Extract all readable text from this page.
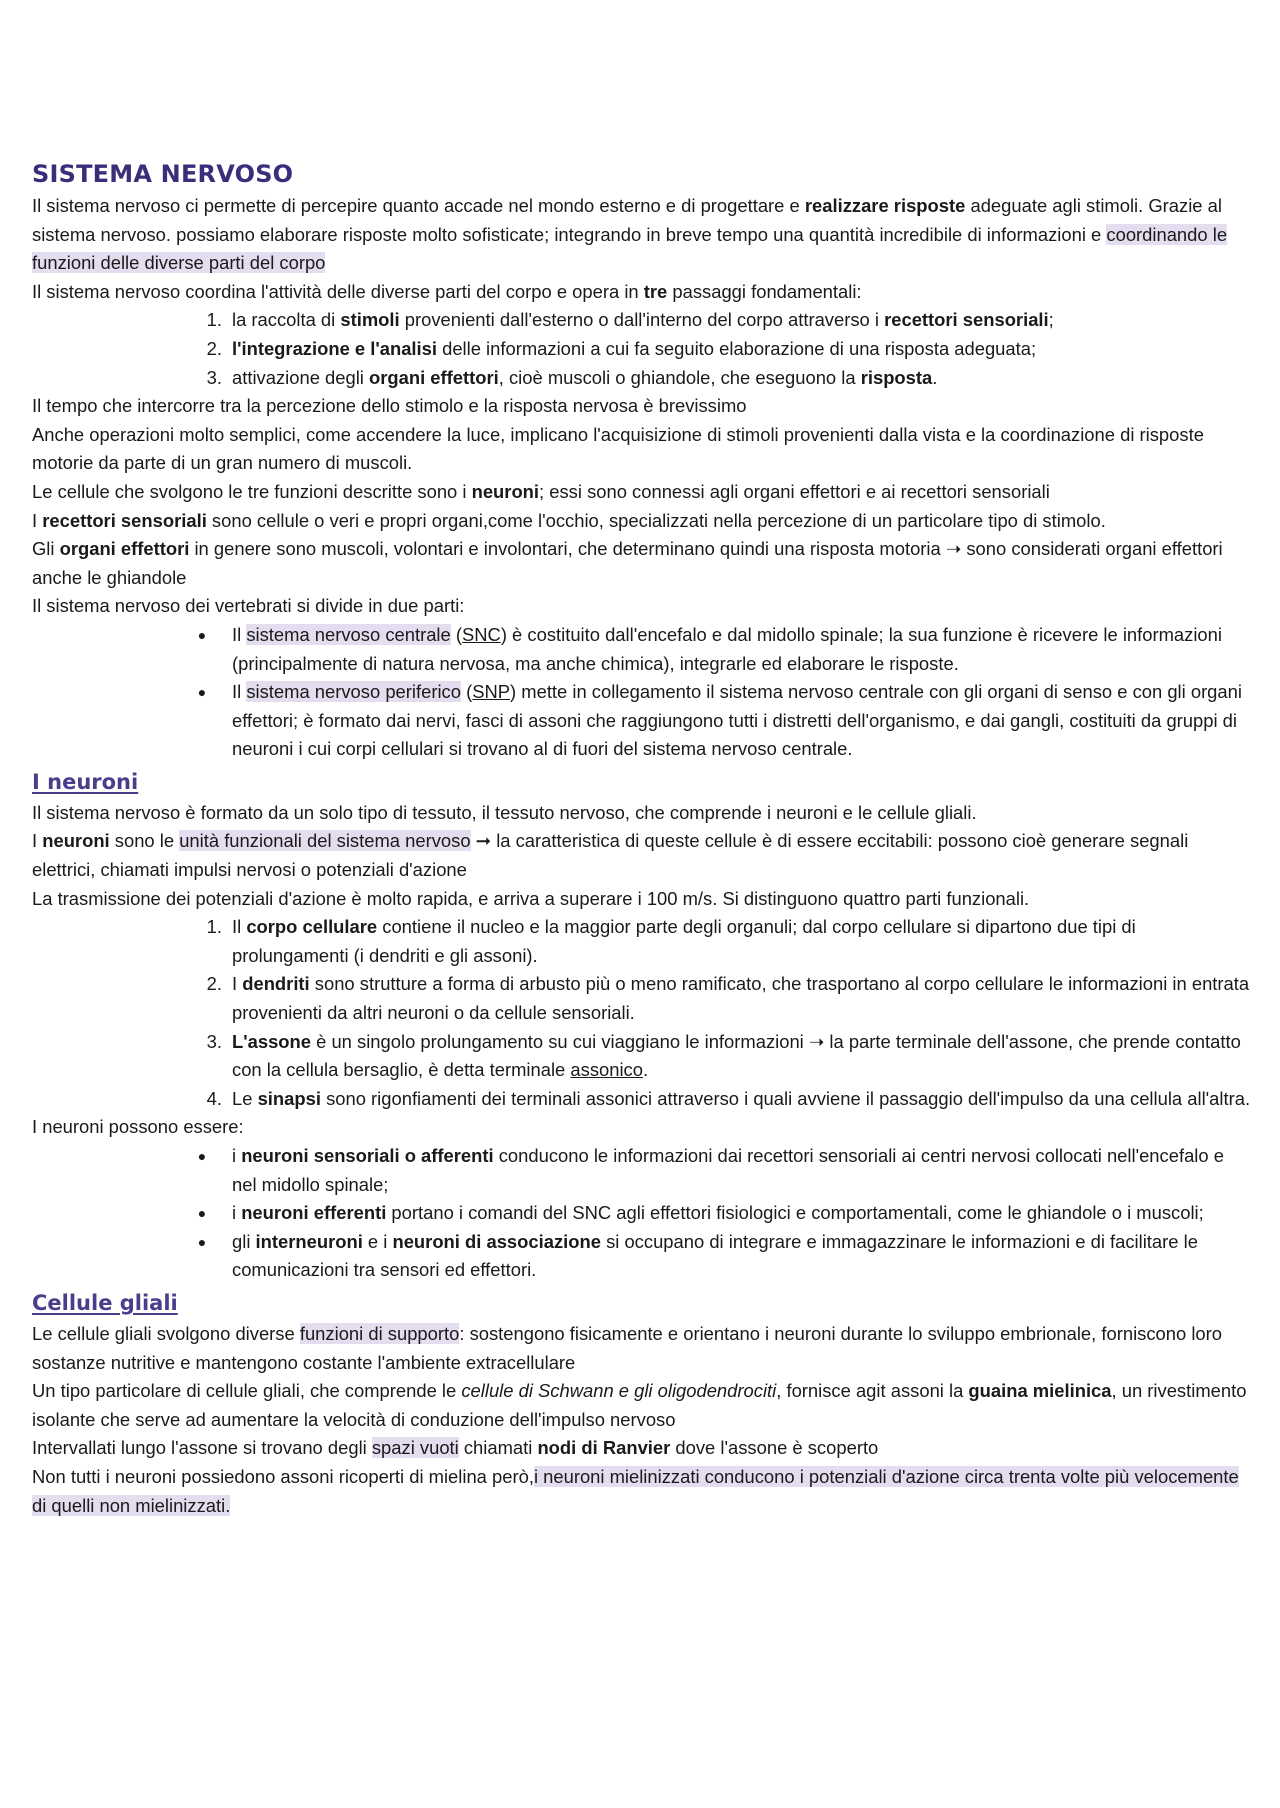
SISTEMA NERVOSO

Il sistema nervoso ci permette di percepire quanto accade nel mondo esterno e di progettare e realizzare risposte adeguate agli stimoli. Grazie al sistema nervoso. possiamo elaborare risposte molto sofisticate; integrando in breve tempo una quantità incredibile di informazioni e coordinando le funzioni delle diverse parti del corpo

Il sistema nervoso coordina l'attività delle diverse parti del corpo e opera in tre passaggi fondamentali:

1. la raccolta di stimoli provenienti dall'esterno o dall'interno del corpo attraverso i recettori sensoriali;
2. l'integrazione e l'analisi delle informazioni a cui fa seguito elaborazione di una risposta adeguata;
3. attivazione degli organi effettori, cioè muscoli o ghiandole, che eseguono la risposta.

Il tempo che intercorre tra la percezione dello stimolo e la risposta nervosa è brevissimo

Anche operazioni molto semplici, come accendere la luce, implicano l'acquisizione di stimoli provenienti dalla vista e la coordinazione di risposte motorie da parte di un gran numero di muscoli.

Le cellule che svolgono le tre funzioni descritte sono i neuroni; essi sono connessi agli organi effettori e ai recettori sensoriali

I recettori sensoriali sono cellule o veri e propri organi,come l'occhio, specializzati nella percezione di un particolare tipo di stimolo.

Gli organi effettori in genere sono muscoli, volontari e involontari, che determinano quindi una risposta motoria ➝ sono considerati organi effettori anche le ghiandole

Il sistema nervoso dei vertebrati si divide in due parti:

●	Il sistema nervoso centrale (SNC) è costituito dall'encefalo e dal midollo spinale; la sua funzione è ricevere le informazioni (principalmente di natura nervosa, ma anche chimica), integrarle ed elaborare le risposte.
●	Il sistema nervoso periferico (SNP) mette in collegamento il sistema nervoso centrale con gli organi di senso e con gli organi effettori; è formato dai nervi, fasci di assoni che raggiungono tutti i distretti dell'organismo, e dai gangli, costituiti da gruppi di neuroni i cui corpi cellulari si trovano al di fuori del sistema nervoso centrale.
I neuroni

Il sistema nervoso è formato da un solo tipo di tessuto, il tessuto nervoso, che comprende i neuroni e le cellule gliali.

I neuroni sono le unità funzionali del sistema nervoso ➞ la caratteristica di queste cellule è di essere eccitabili: possono cioè generare segnali elettrici, chiamati impulsi nervosi o potenziali d'azione

La trasmissione dei potenziali d'azione è molto rapida, e arriva a superare i 100 m/s. Si distinguono quattro parti funzionali.

1. Il corpo cellulare contiene il nucleo e la maggior parte degli organuli; dal corpo cellulare si dipartono due tipi di prolungamenti (i dendriti e gli assoni).
2. I dendriti sono strutture a forma di arbusto più o meno ramificato, che trasportano al corpo cellulare le informazioni in entrata provenienti da altri neuroni o da cellule sensoriali.
3. L'assone è un singolo prolungamento su cui viaggiano le informazioni ➝ la parte terminale dell'assone, che prende contatto con la cellula bersaglio, è detta terminale assonico.
4. Le sinapsi sono rigonfiamenti dei terminali assonici attraverso i quali avviene il passaggio dell'impulso da una cellula all'altra.

I neuroni possono essere:

●	i neuroni sensoriali o afferenti conducono le informazioni dai recettori sensoriali ai centri nervosi collocati nell'encefalo e nel midollo spinale;
●	i neuroni efferenti portano i comandi del SNC agli effettori fisiologici e comportamentali, come le ghiandole o i muscoli;
●	gli interneuroni e i neuroni di associazione si occupano di integrare e immagazzinare le informazioni e di facilitare le comunicazioni tra sensori ed effettori.
Cellule gliali

Le cellule gliali svolgono diverse funzioni di supporto: sostengono fisicamente e orientano i neuroni durante lo sviluppo embrionale, forniscono loro sostanze nutritive e mantengono costante l'ambiente extracellulare

Un tipo particolare di cellule gliali, che comprende le cellule di Schwann e gli oligodendrociti, fornisce agit assoni la guaina mielinica, un rivestimento isolante che serve ad aumentare la velocità di conduzione dell'impulso nervoso

Intervallati lungo l'assone si trovano degli spazi vuoti chiamati nodi di Ranvier dove l'assone è scoperto

Non tutti i neuroni possiedono assoni ricoperti di mielina però,i neuroni mielinizzati conducono i potenziali d'azione circa trenta volte più velocemente di quelli non mielinizzati.
